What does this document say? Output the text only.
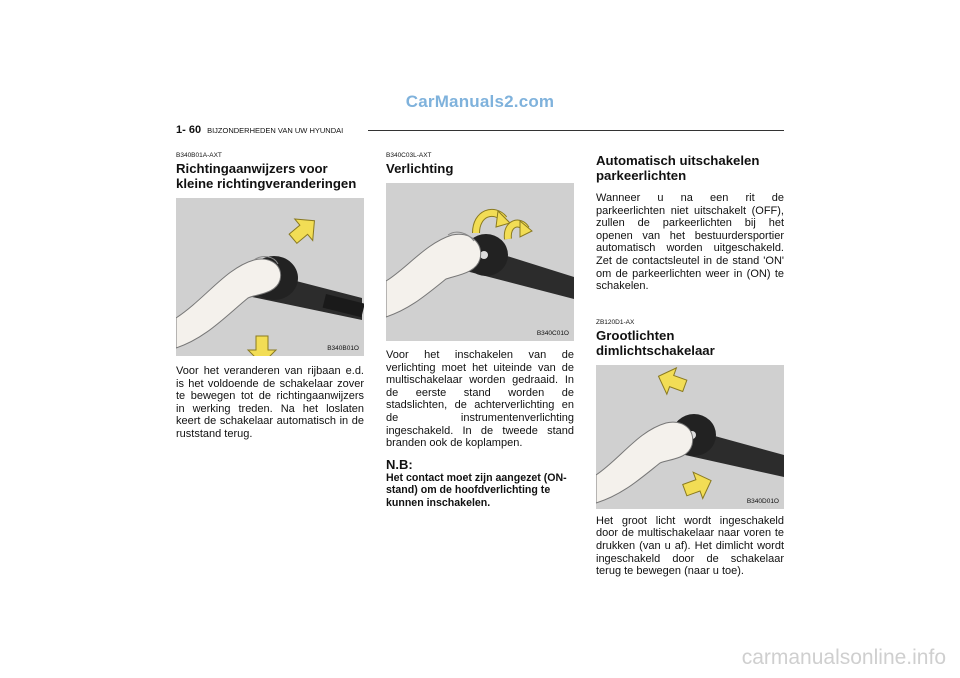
CarManuals2.com
1- 60 BIJZONDERHEDEN VAN UW HYUNDAI
B340B01A-AXT
Richtingaanwijzers voor kleine richtingveranderingen
B340B01O
Voor het veranderen van rijbaan e.d. is het voldoende de schakelaar zover te bewegen tot de richtingaanwijzers in werking treden. Na het loslaten keert de schakelaar automatisch in de ruststand terug.
B340C03L-AXT
Verlichting
B340C01O
Voor het inschakelen van de verlichting moet het uiteinde van de multischakelaar worden gedraaid. In de eerste stand worden de stadslichten, de achterverlichting en de instrumentenverlichting ingeschakeld. In de tweede stand branden ook de koplampen.
N.B:
Het contact moet zijn aangezet (ON-stand) om de hoofdverlichting te kunnen inschakelen.
Automatisch uitschakelen parkeerlichten
Wanneer u na een rit de parkeerlichten niet uitschakelt (OFF), zullen de parkeerlichten bij het openen van het bestuurdersportier automatisch worden uitgeschakeld. Zet de contactsleutel in de stand 'ON' om de parkeerlichten weer in (ON) te schakelen.
ZB120D1-AX
Grootlichten dimlichtschakelaar
B340D01O
Het groot licht wordt ingeschakeld door de multischakelaar naar voren te drukken (van u af). Het dimlicht wordt ingeschakeld door de schakelaar terug te bewegen (naar u toe).
carmanualsonline.info
